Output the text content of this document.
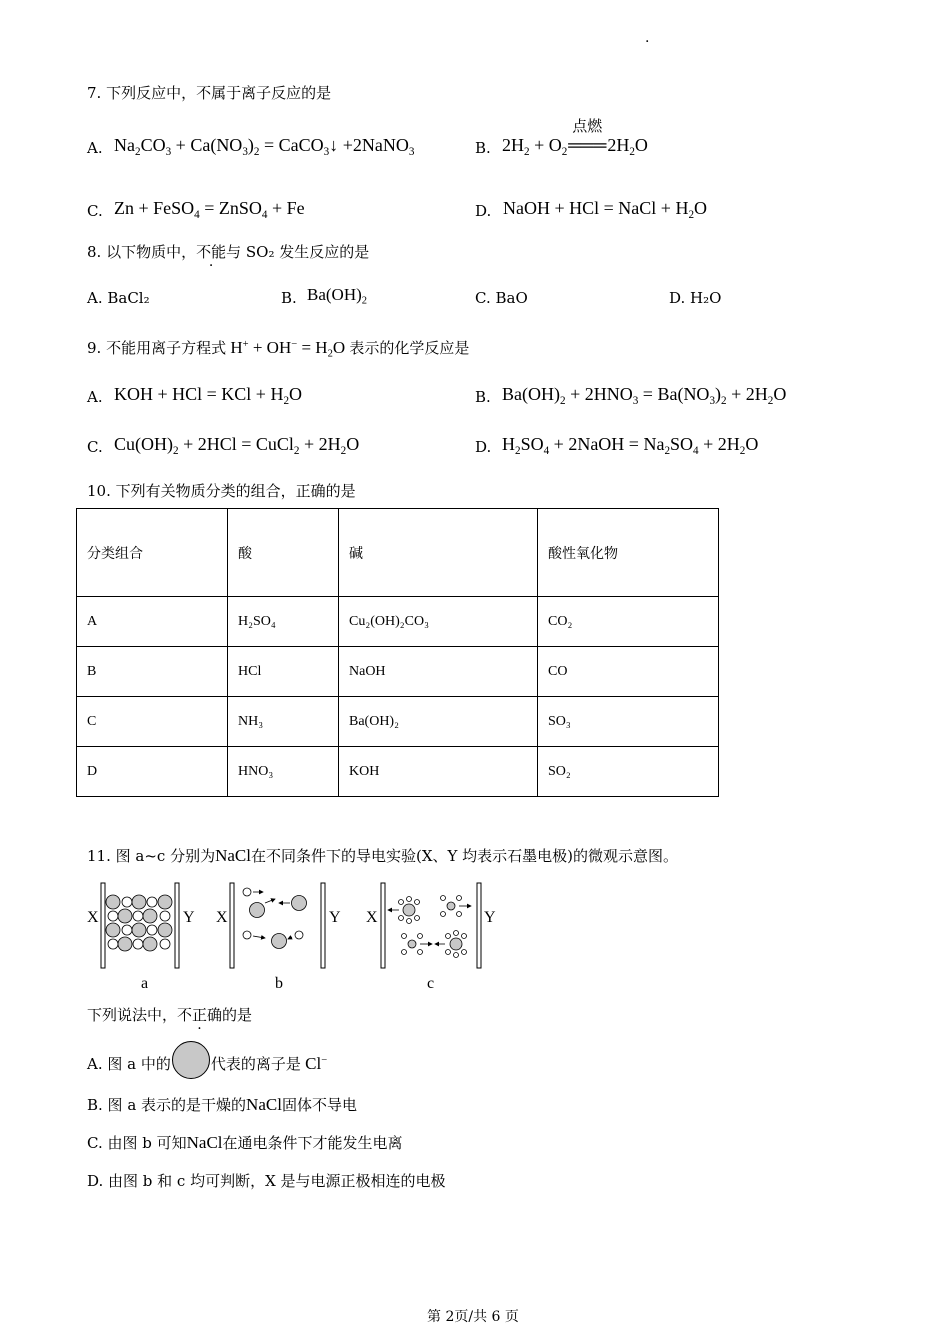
·
7. 下列反应中，不属于离子反应的是
A. $Na_2CO_3 + Ca(NO_3)_2$ = CaCO$_3$↓ +2NaNO$_3$	B. $2H_2 + O_2$
点燃
$═══2H_2O$
C. Zn + FeSO$_4$ = ZnSO$_4$ + Fe	D. NaOH + HCl = NaCl + $H_2O$
8. 以下物质中，不能与 SO₂ 发生反应的是
A. BaCl₂	B. $Ba(OH)_2$	C. BaO	D. H₂O
9. 不能用离子方程式 $H^+ + OH^- = H_2O$ 表示的化学反应是
A. KOH + HCl = KCl + $H_2O$	B. $Ba(OH)_2 + 2HNO_3 = Ba(NO_3)_2 + 2H_2O$
C. $Cu(OH)_2 + 2HCl$ = CuCl$_2$ + $2H_2O$	D. $H_2SO_4$ + 2NaOH = $Na_2SO_4 + 2H_2O$
10. 下列有关物质分类的组合，正确的是
分类组合	酸	碱	酸性氧化物
A	H₂SO₄	Cu₂(OH)₂CO₃	CO₂
B	HCl	NaOH	CO
C	NH₃	Ba(OH)₂	SO₃
D	HNO₃	KOH	SO₂
11. 图 a~c 分别为NaCl在不同条件下的导电实验(X、Y 均表示石墨电极)的微观示意图。
X	Y
a
X	Y
b
X	Y
c
下列说法中，不正确的是
A. 图 a 中的	代表的离子是 Cl−
B. 图 a 表示的是干燥的NaCl固体不导电
C. 由图 b 可知NaCl在通电条件下才能发生电离
D. 由图 b 和 c 均可判断，X 是与电源正极相连的电极
第 2页/共 6 页
